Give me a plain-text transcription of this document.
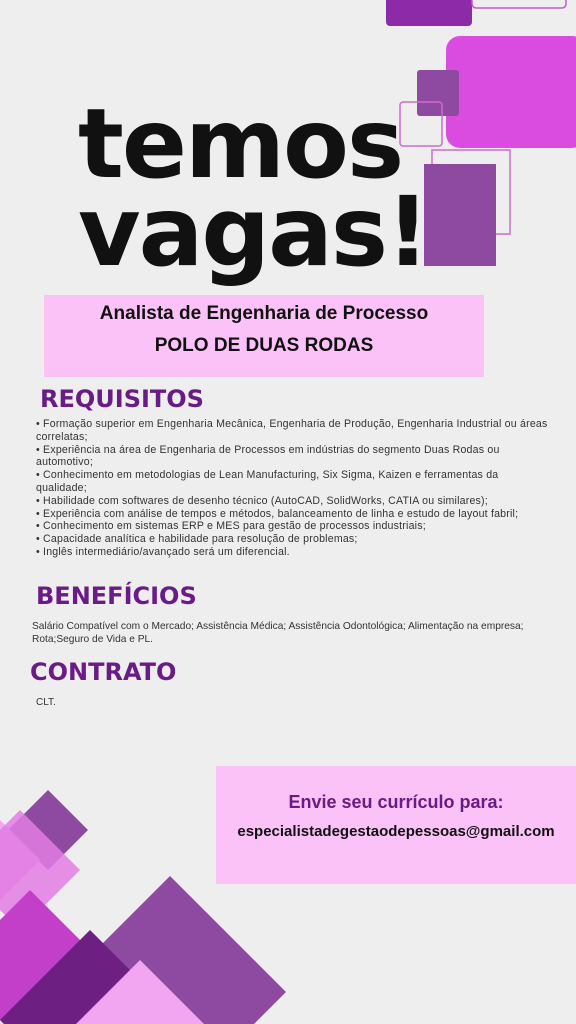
temos
vagas!
Analista de Engenharia de Processo
POLO DE DUAS RODAS
REQUISITOS
• Formação superior em Engenharia Mecânica, Engenharia de Produção, Engenharia Industrial ou áreas correlatas;
• Experiência na área de Engenharia de Processos em indústrias do segmento Duas Rodas ou automotivo;
• Conhecimento em metodologias de Lean Manufacturing, Six Sigma, Kaizen e ferramentas da qualidade;
• Habilidade com softwares de desenho técnico (AutoCAD, SolidWorks, CATIA ou similares);
• Experiência com análise de tempos e métodos, balanceamento de linha e estudo de layout fabril;
• Conhecimento em sistemas ERP e MES para gestão de processos industriais;
• Capacidade analítica e habilidade para resolução de problemas;
• Inglês intermediário/avançado será um diferencial.
BENEFÍCIOS

Salário Compatível com o Mercado; Assistência Médica; Assistência Odontológica; Alimentação na empresa; Rota;Seguro de Vida e PL.

CONTRATO

CLT.

Envie seu currículo para:
especialistadegestaodepessoas@gmail.com
